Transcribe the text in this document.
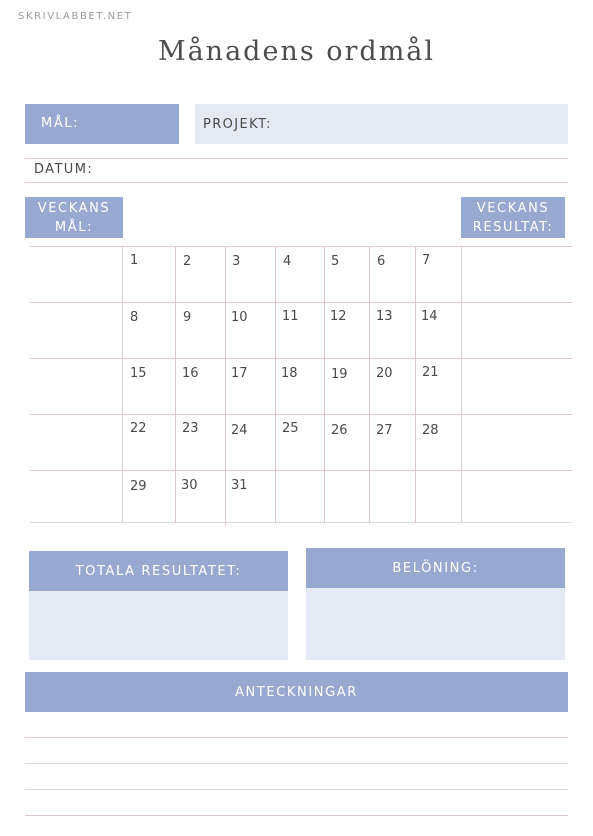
SKRIVLABBET.NET
Månadens ordmål
MÅL:	PROJEKT:
DATUM:
VECKANS MÅL:
VECKANS RESULTAT:
1	2	3	4	5	6	7
8	9	10	11 12 13 14
15	16 17	18	19 20 21
22	23 24	25 26 27 28
29	30	31
TOTALA RESULTATET:	BELÖNING:
ANTECKNINGAR
